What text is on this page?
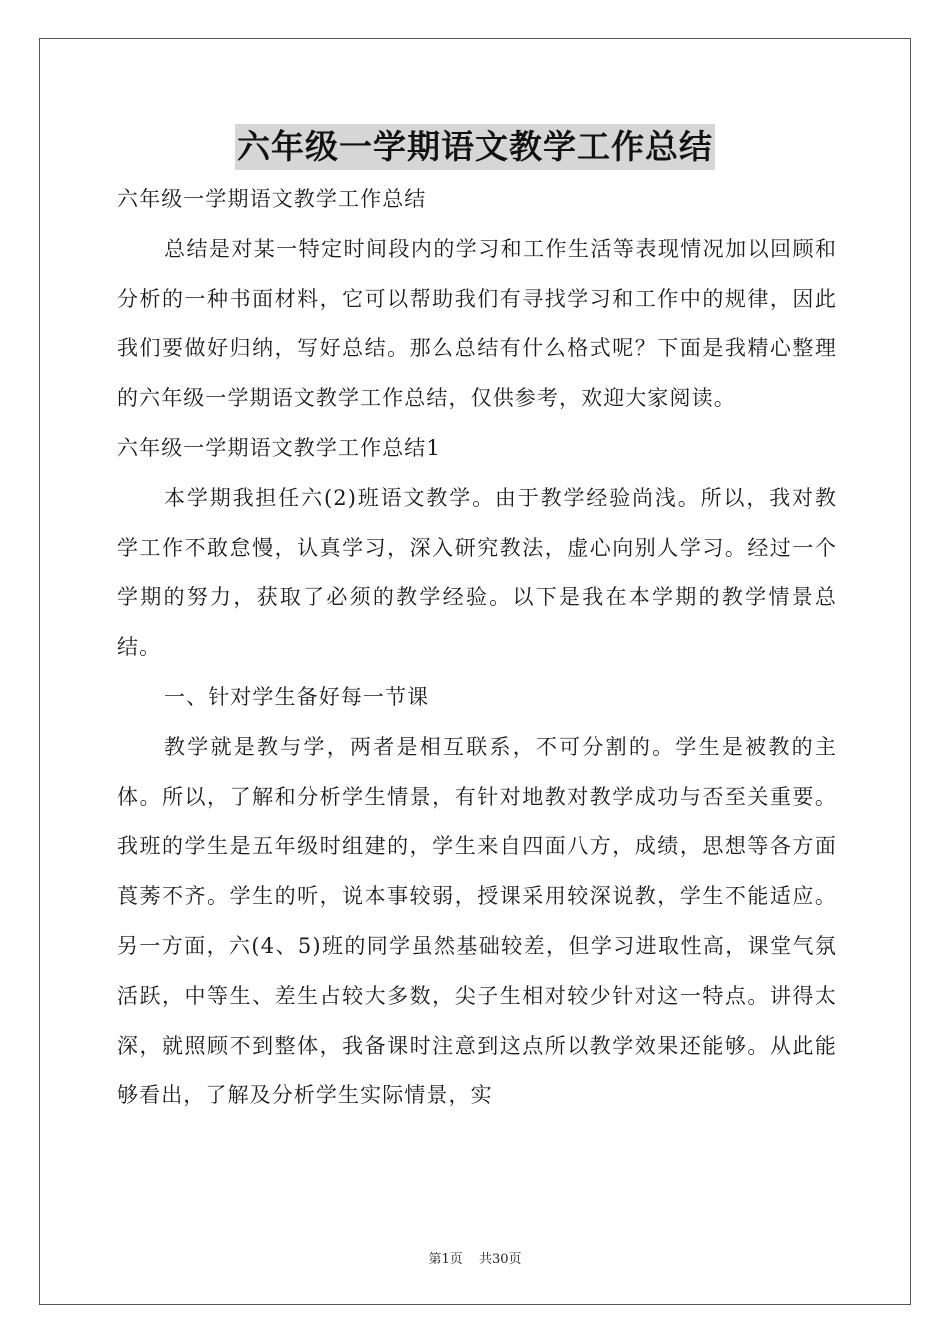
六年级一学期语文教学工作总结

六年级一学期语文教学工作总结

总结是对某一特定时间段内的学习和工作生活等表现情况加以回顾和分析的一种书面材料，它可以帮助我们有寻找学习和工作中的规律，因此我们要做好归纳，写好总结。那么总结有什么格式呢？下面是我精心整理的六年级一学期语文教学工作总结，仅供参考，欢迎大家阅读。

六年级一学期语文教学工作总结1

本学期我担任六(2)班语文教学。由于教学经验尚浅。所以，我对教学工作不敢怠慢，认真学习，深入研究教法，虚心向别人学习。经过一个学期的努力，获取了必须的教学经验。以下是我在本学期的教学情景总结。

一、针对学生备好每一节课

教学就是教与学，两者是相互联系，不可分割的。学生是被教的主体。所以，了解和分析学生情景，有针对地教对教学成功与否至关重要。我班的学生是五年级时组建的，学生来自四面八方，成绩，思想等各方面莨莠不齐。学生的听，说本事较弱，授课采用较深说教，学生不能适应。另一方面，六(4、5)班的同学虽然基础较差，但学习进取性高，课堂气氛活跃，中等生、差生占较大多数，尖子生相对较少针对这一特点。讲得太深，就照顾不到整体，我备课时注意到这点所以教学效果还能够。从此能够看出，了解及分析学生实际情景，实

第1页 共30页
